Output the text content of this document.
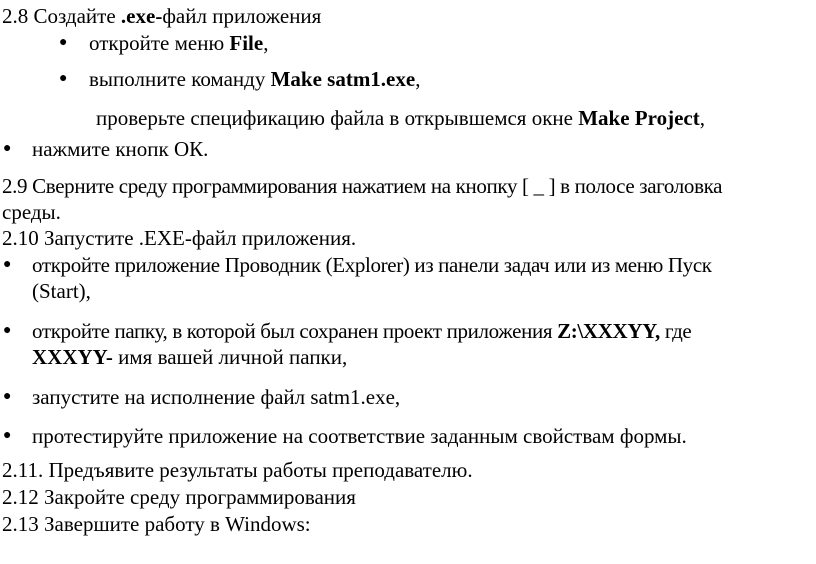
2.8 Создайте .exe-файл приложения
● откройте меню File,
● выполните команду Make satm1.exe,
проверьте спецификацию файла в открывшемся окне Make Project,
● нажмите кнопк ОК.
2.9 Сверните среду программирования нажатием на кнопку [ _ ] в полосе заголовка
среды.
2.10 Запустите .EXE-файл приложения.
● откройте приложение Проводник (Explorer) из панели задач или из меню Пуск
(Start),
● откройте папку, в которой был сохранен проект приложения Z:\XXXYY, где
XXXYY- имя вашей личной папки,
● запустите на исполнение файл satm1.exe,
● протестируйте приложение на соответствие заданным свойствам формы.
2.11. Предъявите результаты работы преподавателю.
2.12 Закройте среду программирования
2.13 Завершите работу в Windows:
